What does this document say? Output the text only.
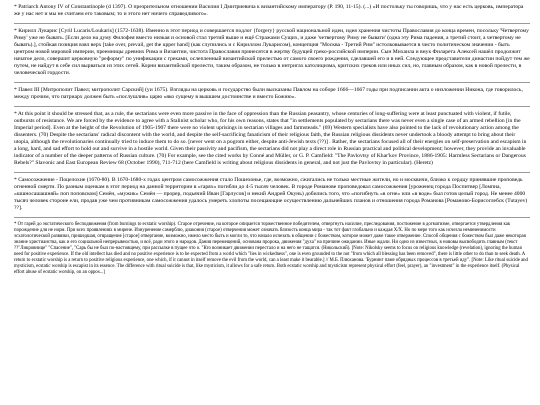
* Patriarch Antony IV of Constantinople (d 1397). О презрительном отношении Василия I Дмитриевича к византийскому императору (Р. 190, 11-15). (...) «И постольку ты говоришь, что у нас есть церковь, императора же у нас нет и мы не считаем его таковым; то и этого нет ничего справедливого».

* Кирилл Лукарис [Cyril Lucaris/Loukaris] (1572-1638). Именно в этот период и совершается подлог {forgery} русской национальной идеи, идея хранения чистоты Православия до конца времен, посольку 'Четвертому Риму' уже не бывать. [Если дело на думу Филофея вместо низкая и основой стал третий выше и ещё Стражами Сущих, и даже 'четвертому Риму не бывати' (одна эту Рима падения, а третий стоит, а четвертому не бывать).], стойкая позиция взял верх [take over, prevail, get the upper hand] (как слупились и с Кириллом Лукарисом), концепция "Москва - Третий Рим" истолковывается в чисто политическом значении - быть центром новой мировой империи, преемницы древних Рима и Византии, чистота Православия принесятся в жертву будущей греко-российской империи. Сын Михаила и внук Филарета Алексей нашёл продолжит начатое дело, совершит церковную "реформу" по унификации с греками, ослепленный византийской прелестью от самого своего рождения, сделавшей его и в ней. Следующее представители династии пойдут тем же путем, не найдут в себе сил вырваться из этих сетей. Корни византийской прелести, таким образом, не только в интригах католицизма, критских греков или иных сил, но, главным образом, как в новой прелести, в человеческой гордости.

* Павел III [Митрополит Павел; митрополит Сарский] (уи 1675). Взгляды на церковь и государство были высказаны Павлом на соборе 1666—1667 годы при подписании акта о низложении Никона, где говорилось, между прочим, что патриарх должен быть «послушлив» царю «яко сущему в вышшем достоинстве и вместо Божию».

* At this point it should be stressed that, as a rule, the sectarians were even more passive in the face of oppression than the Russian peasantry, whose centuries of long-suffering were at least punctuated with violent, if futile, outbursts of resistance. We are forced by the evidence to agree with a Stalinist scholar who, for his own reasons, states that "in settlements populated by sectarians there was never even a single case of an armed rebellion [in the Imperial period]. Even at the height of the Revolution of 1905-1907 there were no violent uprisings in sectarian villages and farmsteads." (69) Western specialists have also pointed to the lack of revolutionary action among the dissenters. (70) Despite the sectarians' radical discontent with the world, and despite the self-sacrificing fanaticism of their religious faith, the Russian religious dissidents never undertook a bloody attempt to bring about their utopia, although the revolutionaries continually tried to induce them to do so. [never went on a pogrom either, despite anti-Jewish texts (??)] . Rather, the sectarians focused all of their energies on self-preservation and escapism in a long, hard, and sad effort to hold out and survive in a hostile world. Given their passivity and pacifism, the sectarians did not play a direct role in Russian practical and political development; however, they provide an invaluable indicator of a number of the deeper patterns of Russian culture. (70) For example, see the cited works by Conné and Müller, or G. P. Camfield: "The Pavlovtsy of Khar'kov Province, 1886-1905: Harmless Sectarians or Dangerous Rebels?" Slavonic and East European Review 68 (October 1990), 711-712 (here Camfield is writing about religious dissidents in general, and not just the Pavlovtsy in particular). (Heretz)

* Самосожжение - Поцелохие (1670-80). В 1670-1680-х годах центром самосожжения стало Пошехонье, где, возможно, сжигались не только местные жители, но и москвичи, близко к сердцу принявшие проповедь огненной смерти. По разным оценкам в этот период на данной территории в «гарях» погибли до 4-5 тысяч человек. В городе Романове проповедовал самосожжения [уроженец города Поспитвер [Ломпна, «шшносашашняй» поп поповском] Семён, «мужик» Семён — прорер, подьячий Иван [Гарлусов] и некий Андрей Окунь) добились того, что «погибнуть «в огне» или «в воде» был готов целый город. Не менее 4000 тысяч человек стороне ели, продав уже чем противникам самосожжения удалось умереть хлопоты посещающие осуществлению дальнейших планов и отношения города Романова [Романово-Борисоглебск (Tutayev) ??].

* От гарей до экстатического бесподвижения (from burnings to ecstatic worship). Старое отречение, на которое опирается торжественное победителем, отвергнуть насилие, преследования, постижение в догматизме, отвергается утвердления как порождение для не норм. При всех проявлениях в мирене. Изнуренение самерблю, диакония (старое) отверчения может означать близость конца мира - так тот факт глобально и каждая Х/Х. Но по мере того как исчезла неминенимости эсхатологической развязки, пришедшая, отвращение [старое] отвергание, возможно, имело место быть и могли то, что начало исчезать в общении с божеством, которое может даже такое отвержение. Способ общения с божеством был даже некоторая знание христианства, как и его социальной непрерывностью, и всё, ради этого и народов. Дания перемещений, основана пророка, движения "духа" на причине ожидании. Иные ждали. Ни одно из известных, в нововы высвободить главным (текст ??"Ликровнице" "Спасение", "Сарь бы не был по-настоящему, при рассылке в пущее что о. "Кто возникает движении перестало и на него не тащатся. (Никольский). [Note: Nikolsky seems to focus on religious knowledge (revelation), ignoring the human need for positive experience. If the old intellect has died and no positive experience is to be expected from a world which "lies in wickedness", one is even grounded to the not "from which all blessing has been removed", there is little other to do than to seek death. A return to ecstatic worship is a return to positive religious experience, one which, if it cannot in itself remove the evil from the world, can a least make it bearable.] // М.Б. Плюханова. 'Бурнинг пaмe обрядных процессов в третьей иду". [Note: Like ritual suicide and mysticism, ecstatic worship is escapist in its essence. The difference with ritual suicide is that, like mysticism, it allows for a safe return. Both ecstatic worship and mysticism represent physical effort (feel, prayer), an "investment" in the experience itself. (Physical effort abuse of ecstatic worship, on an oppos...]
